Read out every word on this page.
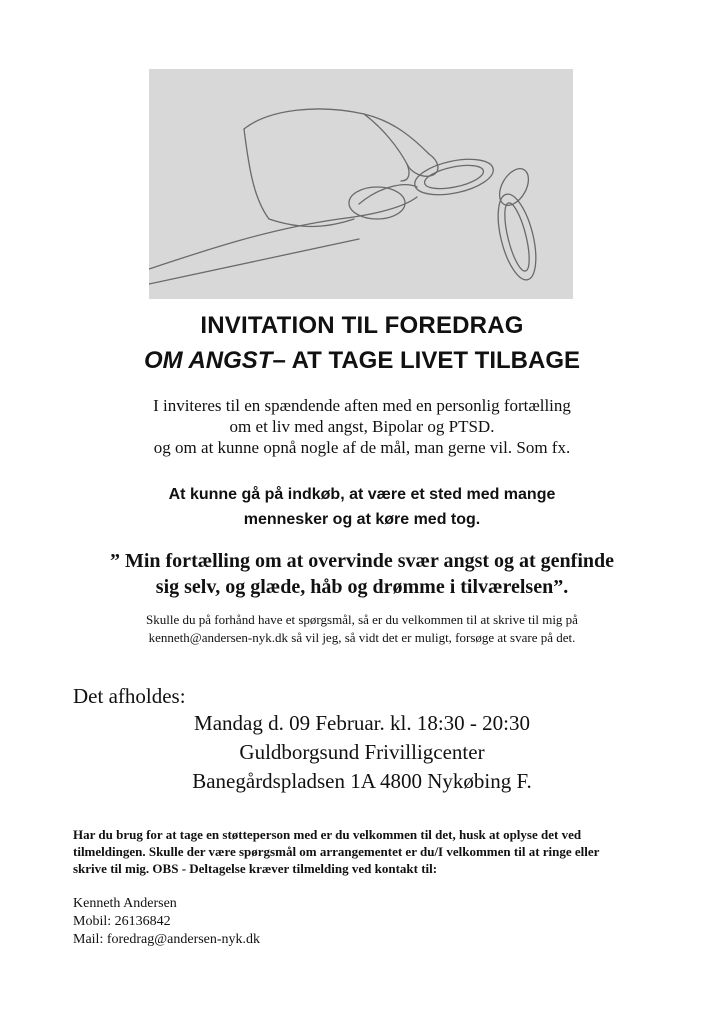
INVITATION TIL FOREDRAG
OM ANGST– AT TAGE LIVET TILBAGE
I inviteres til en spændende aften med en personlig fortælling
om et liv med angst, Bipolar og PTSD.
og om at kunne opnå nogle af de mål, man gerne vil. Som fx.
At kunne gå på indkøb, at være et sted med mange
mennesker og at køre med tog.
” Min fortælling om at overvinde svær angst og at genfinde
sig selv, og glæde, håb og drømme i tilværelsen”.
Skulle du på forhånd have et spørgsmål, så er du velkommen til at skrive til mig på
kenneth@andersen-nyk.dk så vil jeg, så vidt det er muligt, forsøge at svare på det.
Det afholdes:
Mandag d. 09 Februar. kl. 18:30 - 20:30
Guldborgsund Frivilligcenter
Banegårdspladsen 1A 4800 Nykøbing F.
Har du brug for at tage en støtteperson med er du velkommen til det, husk at oplyse det ved
tilmeldingen. Skulle der være spørgsmål om arrangementet er du/I velkommen til at ringe eller
skrive til mig. OBS - Deltagelse kræver tilmelding ved kontakt til:
Kenneth Andersen
Mobil: 26136842
Mail: foredrag@andersen-nyk.dk
